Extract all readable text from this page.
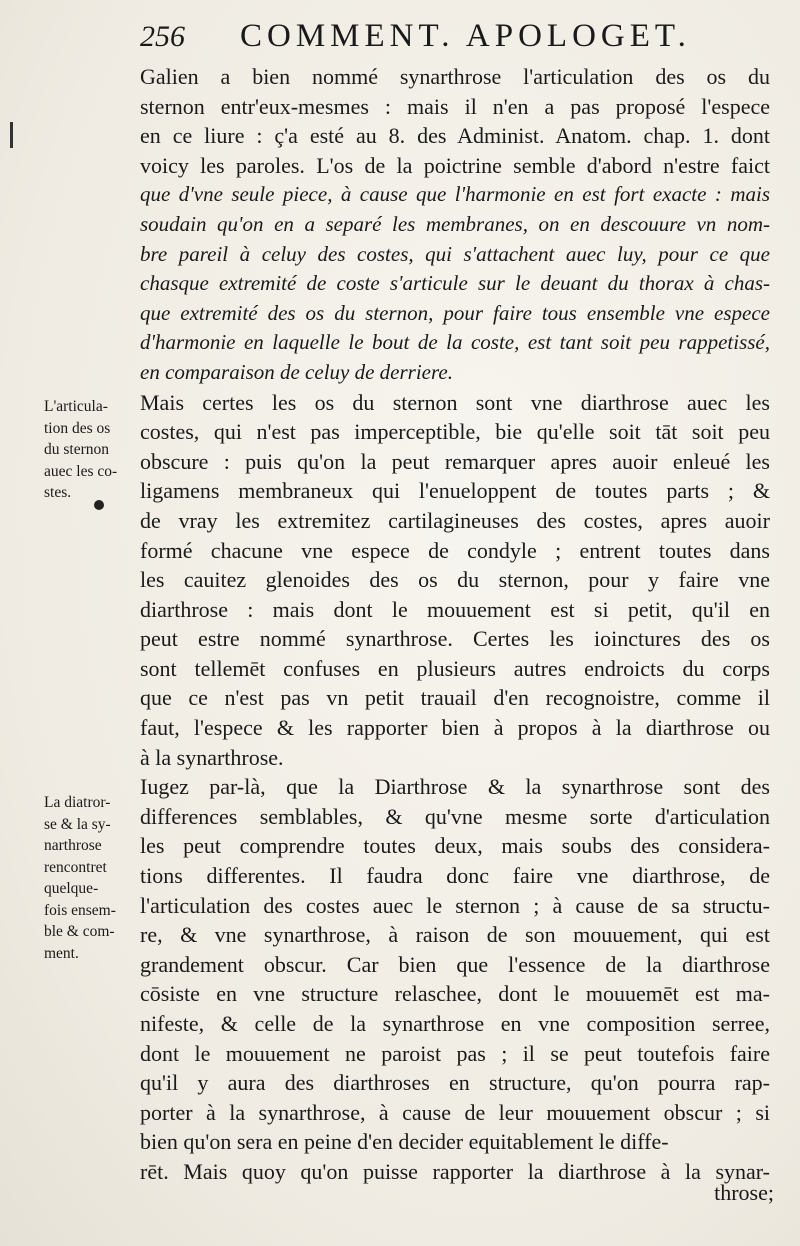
256 COMMENT. APOLOGET.
Galien a bien nommé synarthrose l'articulation des os du
sternon entr'eux-mesmes : mais il n'en a pas proposé l'espece
en ce liure : ç'a esté au 8. des Administ. Anatom. chap. 1. dont
voicy les paroles. L'os de la poictrine semble d'abord n'estre faict
que d'vne seule piece, à cause que l'harmonie en est fort exacte : mais
soudain qu'on en a separé les membranes, on en descouure vn nom-
bre pareil à celuy des costes, qui s'attachent auec luy, pour ce que
chasque extremité de coste s'articule sur le deuant du thorax à chas-
que extremité des os du sternon, pour faire tous ensemble vne espece
d'harmonie en laquelle le bout de la coste, est tant soit peu rappetissé,
en comparaison de celuy de derriere.
Mais certes les os du sternon sont vne diarthrose auec les
costes, qui n'est pas imperceptible, bie qu'elle soit tāt soit peu
obscure : puis qu'on la peut remarquer apres auoir enleué les
ligamens membraneux qui l'enueloppent de toutes parts ; &
de vray les extremitez cartilagineuses des costes, apres auoir
formé chacune vne espece de condyle ; entrent toutes dans
les cauitez glenoides des os du sternon, pour y faire vne
diarthrose : mais dont le mouuement est si petit, qu'il en
peut estre nommé synarthrose. Certes les ioinctures des os
sont tellemēt confuses en plusieurs autres endroicts du corps
que ce n'est pas vn petit trauail d'en recognoistre, comme il
faut, l'espece & les rapporter bien à propos à la diarthrose ou
à la synarthrose.
Iugez par-là, que la Diarthrose & la synarthrose sont des
differences semblables, & qu'vne mesme sorte d'articulation
les peut comprendre toutes deux, mais soubs des considera-
tions differentes. Il faudra donc faire vne diarthrose, de
l'articulation des costes auec le sternon ; à cause de sa structu-
re, & vne synarthrose, à raison de son mouuement, qui est
grandement obscur. Car bien que l'essence de la diarthrose
cōsiste en vne structure relaschee, dont le mouuemēt est ma-
nifeste, & celle de la synarthrose en vne composition serree,
dont le mouuement ne paroist pas ; il se peut toutefois faire
qu'il y aura des diarthroses en structure, qu'on pourra rap-
porter à la synarthrose, à cause de leur mouuement obscur ; si
bien qu'on sera en peine d'en decider equitablement le diffe-
rēt. Mais quoy qu'on puisse rapporter la diarthrose à la synar-
L'articula-
tion des os
du sternon
auec les co-
stes.
La diatror-
se & la sy-
narthrose
rencontret
quelque-
fois ensem-
ble & com-
ment.
throse;
